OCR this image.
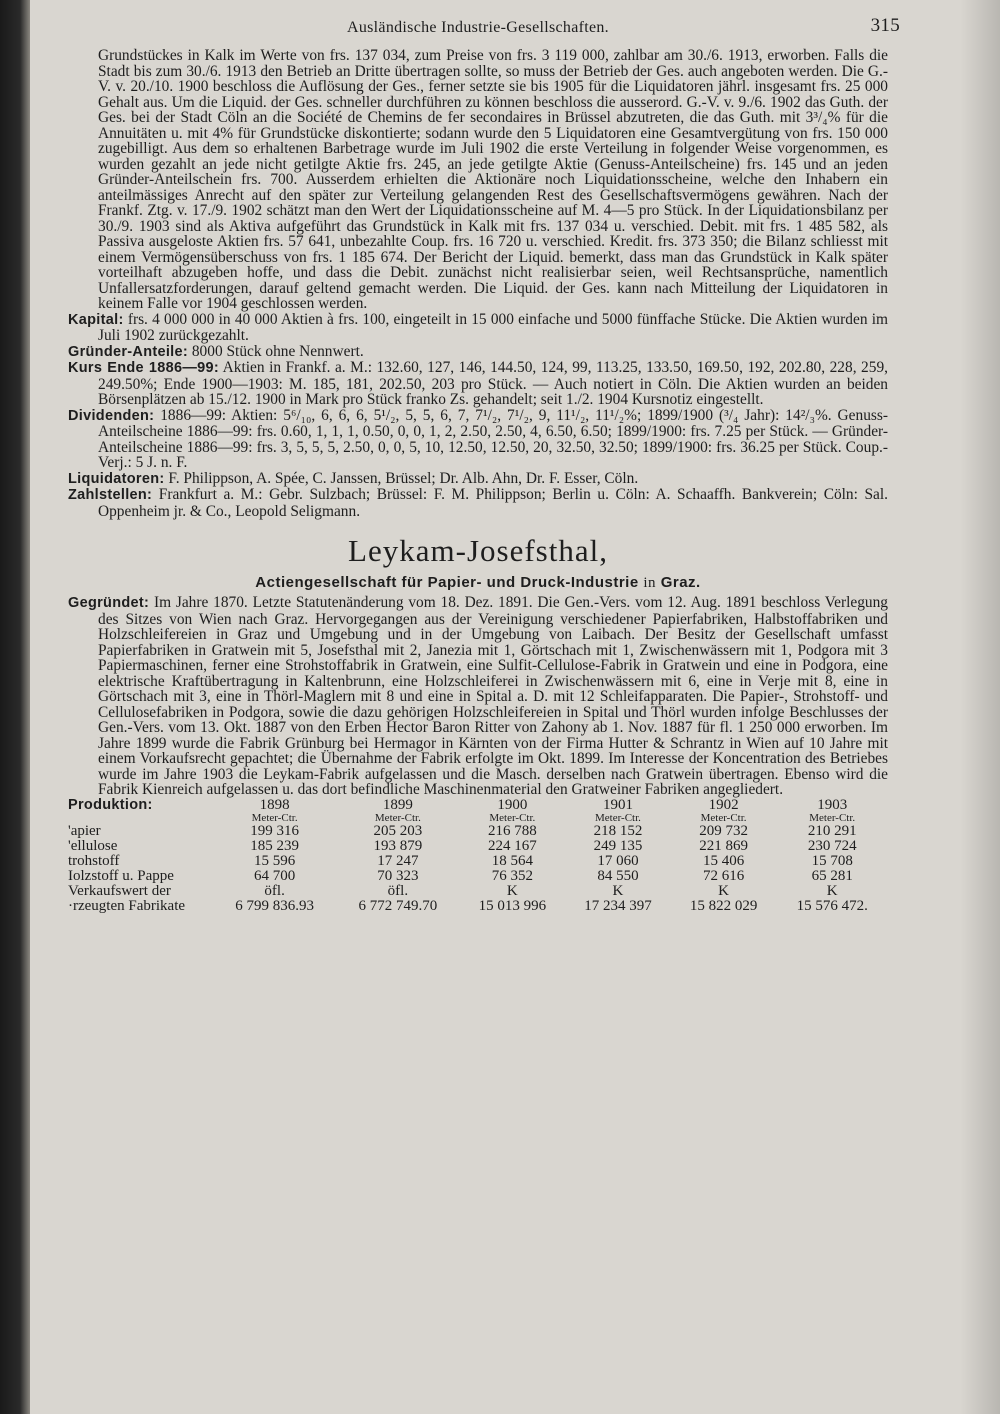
Ausländische Industrie-Gesellschaften.	315

Grundstückes in Kalk im Werte von frs. 137 034, zum Preise von frs. 3 119 000, zahlbar am 30./6. 1913, erworben. Falls die Stadt bis zum 30./6. 1913 den Betrieb an Dritte übertragen sollte, so muss der Betrieb der Ges. auch angeboten werden. Die G.-V. v. 20./10. 1900 beschloss die Auflösung der Ges., ferner setzte sie bis 1905 für die Liquidatoren jährl. insgesamt frs. 25 000 Gehalt aus. Um die Liquid. der Ges. schneller durchführen zu können beschloss die ausserord. G.-V. v. 9./6. 1902 das Guth. der Ges. bei der Stadt Cöln an die Société de Chemins de fer secondaires in Brüssel abzutreten, die das Guth. mit 3³/₄% für die Annuitäten u. mit 4% für Grundstücke diskontierte; sodann wurde den 5 Liquidatoren eine Gesamtvergütung von frs. 150 000 zugebilligt. Aus dem so erhaltenen Barbetrage wurde im Juli 1902 die erste Verteilung in folgender Weise vorgenommen, es wurden gezahlt an jede nicht getilgte Aktie frs. 245, an jede getilgte Aktie (Genuss-Anteilscheine) frs. 145 und an jeden Gründer-Anteilschein frs. 700. Ausserdem erhielten die Aktionäre noch Liquidationsscheine, welche den Inhabern ein anteilmässiges Anrecht auf den später zur Verteilung gelangenden Rest des Gesellschaftsvermögens gewähren. Nach der Frankf. Ztg. v. 17./9. 1902 schätzt man den Wert der Liquidationsscheine auf M. 4—5 pro Stück. In der Liquidationsbilanz per 30./9. 1903 sind als Aktiva aufgeführt das Grundstück in Kalk mit frs. 137 034 u. verschied. Debit. mit frs. 1 485 582, als Passiva ausgeloste Aktien frs. 57 641, unbezahlte Coup. frs. 16 720 u. verschied. Kredit. frs. 373 350; die Bilanz schliesst mit einem Vermögensüberschuss von frs. 1 185 674. Der Bericht der Liquid. bemerkt, dass man das Grundstück in Kalk später vorteilhaft abzugeben hoffe, und dass die Debit. zunächst nicht realisierbar seien, weil Rechtsansprüche, namentlich Unfallersatzforderungen, darauf geltend gemacht werden. Die Liquid. der Ges. kann nach Mitteilung der Liquidatoren in keinem Falle vor 1904 geschlossen werden.

Kapital: frs. 4 000 000 in 40 000 Aktien à frs. 100, eingeteilt in 15 000 einfache und 5000 fünffache Stücke. Die Aktien wurden im Juli 1902 zurückgezahlt.

Gründer-Anteile: 8000 Stück ohne Nennwert.

Kurs Ende 1886—99: Aktien in Frankf. a. M.: 132.60, 127, 146, 144.50, 124, 99, 113.25, 133.50, 169.50, 192, 202.80, 228, 259, 249.50%; Ende 1900—1903: M. 185, 181, 202.50, 203 pro Stück. — Auch notiert in Cöln. Die Aktien wurden an beiden Börsenplätzen ab 15./12. 1900 in Mark pro Stück franko Zs. gehandelt; seit 1./2. 1904 Kursnotiz eingestellt.

Dividenden: 1886—99: Aktien: 5⁶/₁₀, 6, 6, 6, 5¹/₂, 5, 5, 6, 7, 7¹/₂, 7¹/₂, 9, 11¹/₂, 11¹/₂%; 1899/1900 (³/₄ Jahr): 14²/₃%. Genuss-Anteilscheine 1886—99: frs. 0.60, 1, 1, 1, 0.50, 0, 0, 1, 2, 2.50, 2.50, 4, 6.50, 6.50; 1899/1900: frs. 7.25 per Stück. — Gründer-Anteilscheine 1886—99: frs. 3, 5, 5, 5, 2.50, 0, 0, 5, 10, 12.50, 12.50, 20, 32.50, 32.50; 1899/1900: frs. 36.25 per Stück. Coup.-Verj.: 5 J. n. F.

Liquidatoren: F. Philippson, A. Spée, C. Janssen, Brüssel; Dr. Alb. Ahn, Dr. F. Esser, Cöln.

Zahlstellen: Frankfurt a. M.: Gebr. Sulzbach; Brüssel: F. M. Philippson; Berlin u. Cöln: A. Schaaffh. Bankverein; Cöln: Sal. Oppenheim jr. & Co., Leopold Seligmann.

Leykam-Josefsthal,
Actiengesellschaft für Papier- und Druck-Industrie in Graz.

Gegründet: Im Jahre 1870. Letzte Statutenänderung vom 18. Dez. 1891. Die Gen.-Vers. vom 12. Aug. 1891 beschloss Verlegung des Sitzes von Wien nach Graz. Hervorgegangen aus der Vereinigung verschiedener Papierfabriken, Halbstoffabriken und Holzschleifereien in Graz und Umgebung und in der Umgebung von Laibach. Der Besitz der Gesellschaft umfasst Papierfabriken in Gratwein mit 5, Josefsthal mit 2, Janezia mit 1, Görtschach mit 1, Zwischenwässern mit 1, Podgora mit 3 Papiermaschinen, ferner eine Strohstoffabrik in Gratwein, eine Sulfit-Cellulose-Fabrik in Gratwein und eine in Podgora, eine elektrische Kraftübertragung in Kaltenbrunn, eine Holzschleiferei in Zwischenwässern mit 6, eine in Verje mit 8, eine in Görtschach mit 3, eine in Thörl-Maglern mit 8 und eine in Spital a. D. mit 12 Schleifapparaten. Die Papier-, Strohstoff- und Cellulosefabriken in Podgora, sowie die dazu gehörigen Holzschleifereien in Spital und Thörl wurden infolge Beschlusses der Gen.-Vers. vom 13. Okt. 1887 von den Erben Hector Baron Ritter von Zahony ab 1. Nov. 1887 für fl. 1 250 000 erworben. Im Jahre 1899 wurde die Fabrik Grünburg bei Hermagor in Kärnten von der Firma Hutter & Schrantz in Wien auf 10 Jahre mit einem Vorkaufsrecht gepachtet; die Übernahme der Fabrik erfolgte im Okt. 1899. Im Interesse der Koncentration des Betriebes wurde im Jahre 1903 die Leykam-Fabrik aufgelassen und die Masch. derselben nach Gratwein übertragen. Ebenso wird die Fabrik Kienreich aufgelassen u. das dort befindliche Maschinenmaterial den Gratweiner Fabriken angegliedert.

Produktion:	1898	1899	1900	1901	1902	1903
	Meter-Ctr.	Meter-Ctr.	Meter-Ctr.	Meter-Ctr.	Meter-Ctr.	Meter-Ctr.
'apier	199 316	205 203	216 788	218 152	209 732	210 291
'ellulose	185 239	193 879	224 167	249 135	221 869	230 724
trohstoff	15 596	17 247	18 564	17 060	15 406	15 708
Iolzstoff u. Pappe	64 700	70 323	76 352	84 550	72 616	65 281
Verkaufswert der	öfl.	öfl.	K	K	K	K
·rzeugten Fabrikate	6 799 836.93	6 772 749.70	15 013 996	17 234 397	15 822 029	15 576 472.
